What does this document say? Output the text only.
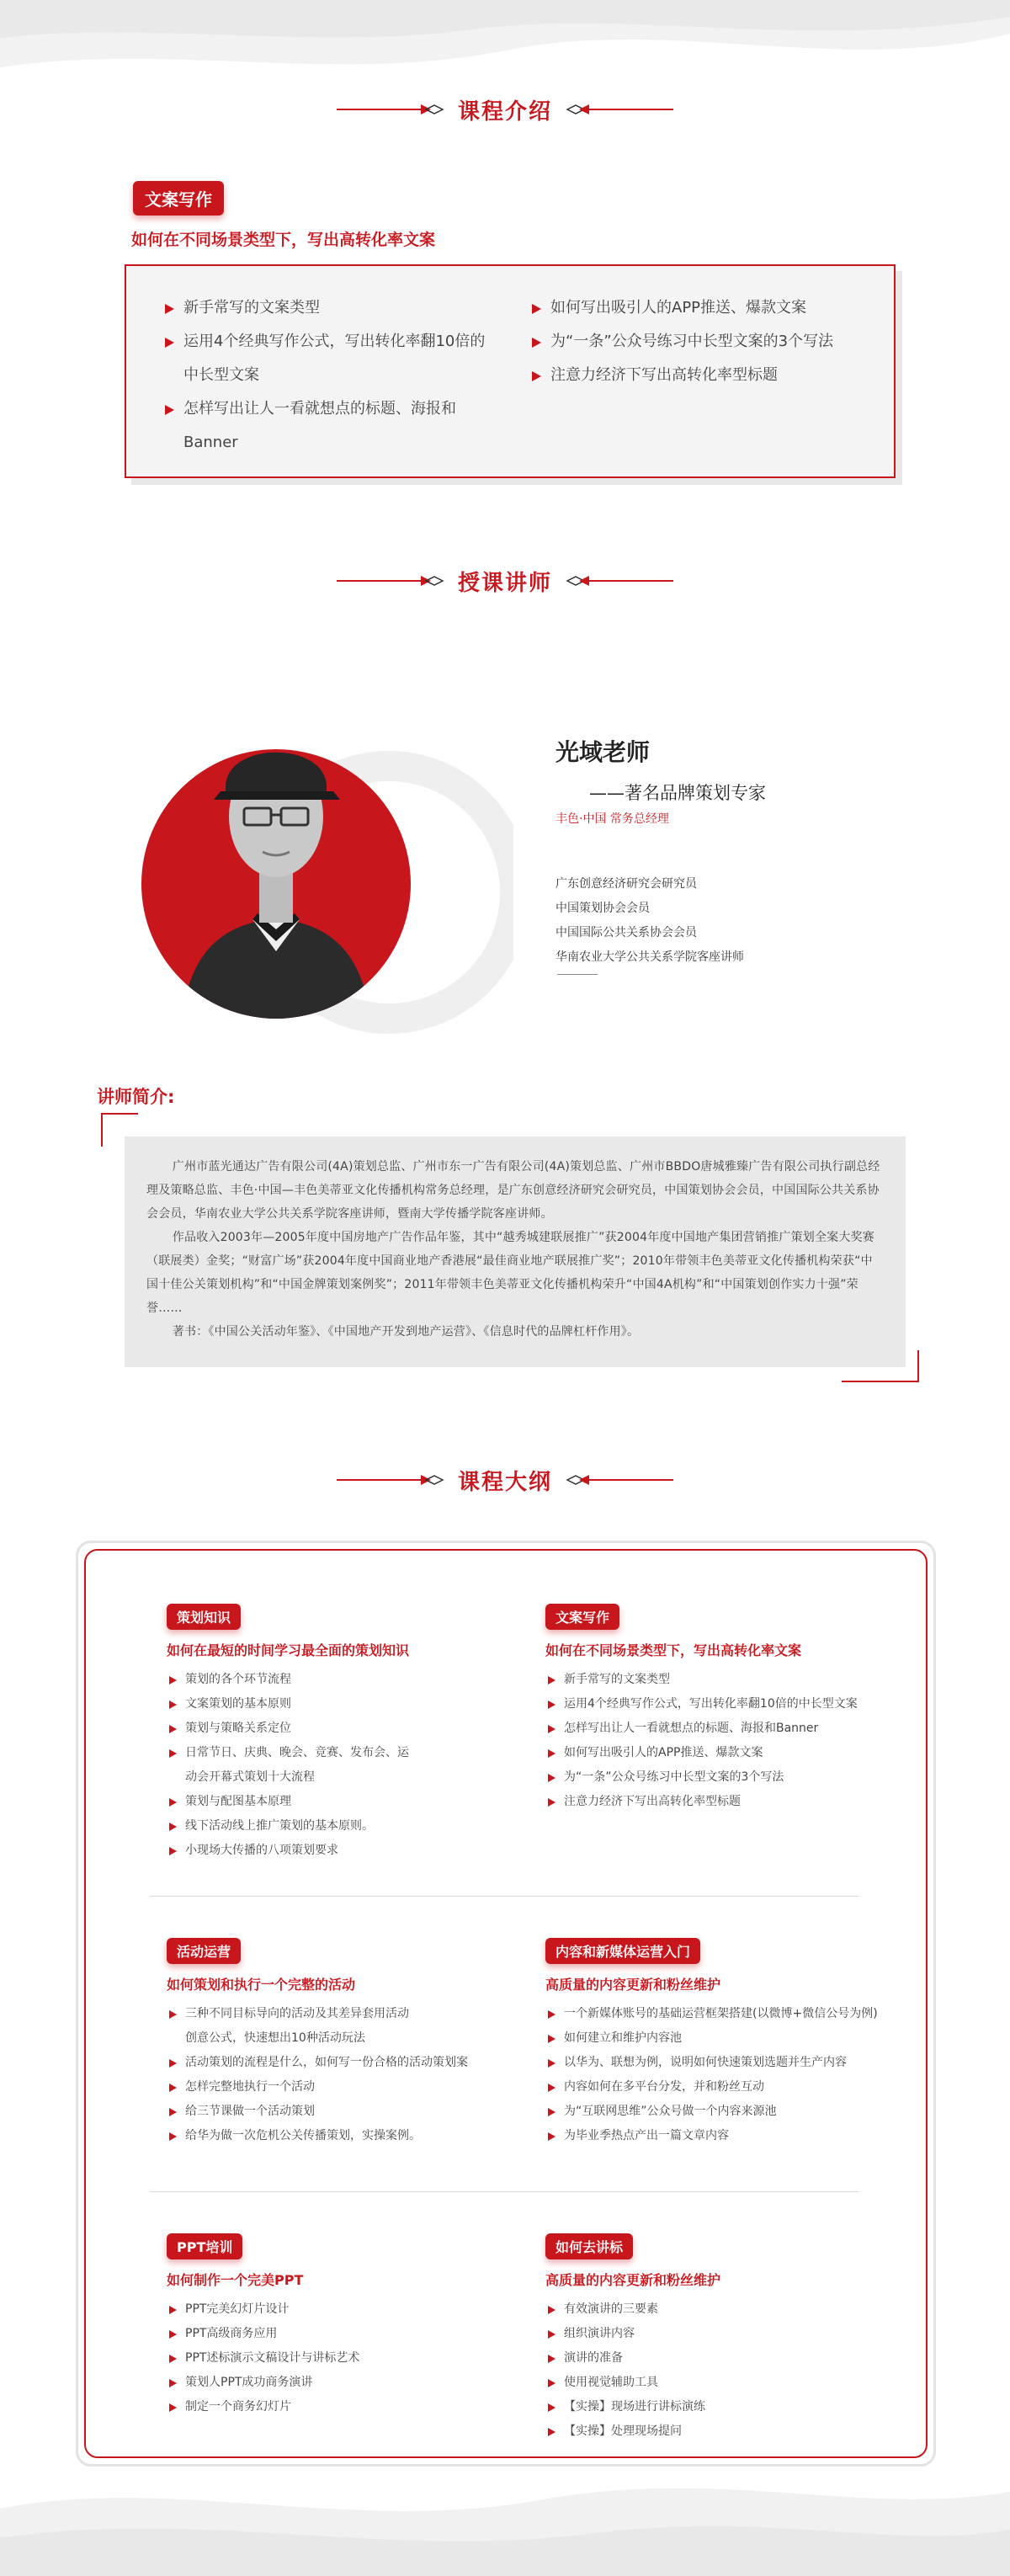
课程介绍
文案写作
如何在不同场景类型下，写出高转化率文案
新手常写的文案类型
运用4个经典写作公式，写出转化率翻10倍的中长型文案
怎样写出让人一看就想点的标题、海报和Banner
如何写出吸引人的APP推送、爆款文案
为“一条”公众号练习中长型文案的3个写法
注意力经济下写出高转化率型标题
授课讲师
光域老师
——著名品牌策划专家
丰色·中国 常务总经理
广东创意经济研究会研究员
中国策划协会会员
中国国际公共关系协会会员
华南农业大学公共关系学院客座讲师
讲师简介:

广州市蓝光通达广告有限公司(4A)策划总监、广州市东一广告有限公司(4A)策划总监、广州市BBDO唐城雅臻广告有限公司执行副总经理及策略总监、丰色·中国—丰色美蒂亚文化传播机构常务总经理，是广东创意经济研究会研究员，中国策划协会会员，中国国际公共关系协会会员，华南农业大学公共关系学院客座讲师，暨南大学传播学院客座讲师。

作品收入2003年—2005年度中国房地产广告作品年鉴，其中“越秀城建联展推广”获2004年度中国地产集团营销推广策划全案大奖赛（联展类）金奖；“财富广场”获2004年度中国商业地产香港展“最佳商业地产联展推广奖”；2010年带领丰色美蒂亚文化传播机构荣获“中国十佳公关策划机构”和“中国金牌策划案例奖”；2011年带领丰色美蒂亚文化传播机构荣升“中国4A机构”和“中国策划创作实力十强”荣誉……

著书：《中国公关活动年鉴》、《中国地产开发到地产运营》、《信息时代的品牌杠杆作用》。

课程大纲
策划知识
如何在最短的时间学习最全面的策划知识
策划的各个环节流程
文案策划的基本原则
策划与策略关系定位
日常节日、庆典、晚会、竞赛、发布会、运动会开幕式策划十大流程
策划与配图基本原理
线下活动线上推广策划的基本原则。
小现场大传播的八项策划要求
文案写作
如何在不同场景类型下，写出高转化率文案
新手常写的文案类型
运用4个经典写作公式，写出转化率翻10倍的中长型文案
怎样写出让人一看就想点的标题、海报和Banner
如何写出吸引人的APP推送、爆款文案
为“一条”公众号练习中长型文案的3个写法
注意力经济下写出高转化率型标题
活动运营
如何策划和执行一个完整的活动
三种不同目标导向的活动及其差异套用活动创意公式，快速想出10种活动玩法
活动策划的流程是什么，如何写一份合格的活动策划案
怎样完整地执行一个活动
给三节课做一个活动策划
给华为做一次危机公关传播策划，实操案例。
内容和新媒体运营入门
高质量的内容更新和粉丝维护
一个新媒体账号的基础运营框架搭建(以微博+微信公号为例)
如何建立和维护内容池
以华为、联想为例，说明如何快速策划选题并生产内容
内容如何在多平台分发，并和粉丝互动
为“互联网思维”公众号做一个内容来源池
为毕业季热点产出一篇文章内容
PPT培训
如何制作一个完美PPT
PPT完美幻灯片设计
PPT高级商务应用
PPT述标演示文稿设计与讲标艺术
策划人PPT成功商务演讲
制定一个商务幻灯片
如何去讲标
高质量的内容更新和粉丝维护
有效演讲的三要素
组织演讲内容
演讲的准备
使用视觉辅助工具
【实操】现场进行讲标演练
【实操】处理现场提问
